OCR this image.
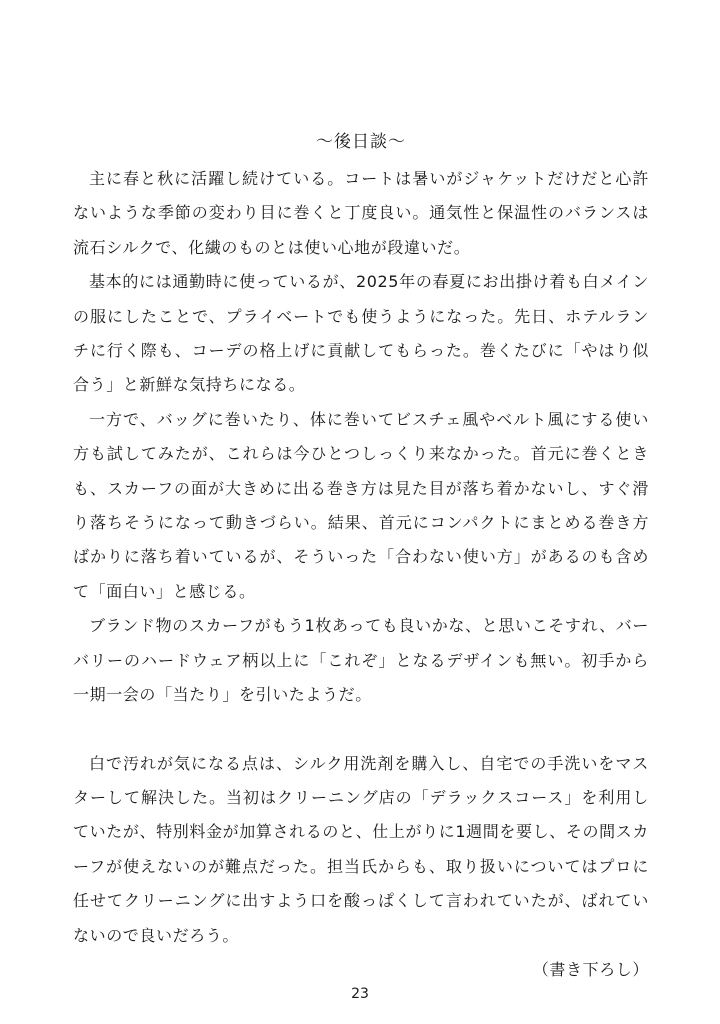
～後日談～

主に春と秋に活躍し続けている。コートは暑いがジャケットだけだと心許ないような季節の変わり目に巻くと丁度良い。通気性と保温性のバランスは流石シルクで、化繊のものとは使い心地が段違いだ。

基本的には通勤時に使っているが、2025年の春夏にお出掛け着も白メインの服にしたことで、プライベートでも使うようになった。先日、ホテルランチに行く際も、コーデの格上げに貢献してもらった。巻くたびに「やはり似合う」と新鮮な気持ちになる。

一方で、バッグに巻いたり、体に巻いてビスチェ風やベルト風にする使い方も試してみたが、これらは今ひとつしっくり来なかった。首元に巻くときも、スカーフの面が大きめに出る巻き方は見た目が落ち着かないし、すぐ滑り落ちそうになって動きづらい。結果、首元にコンパクトにまとめる巻き方ばかりに落ち着いているが、そういった「合わない使い方」があるのも含めて「面白い」と感じる。

ブランド物のスカーフがもう1枚あっても良いかな、と思いこそすれ、バーバリーのハードウェア柄以上に「これぞ」となるデザインも無い。初手から一期一会の「当たり」を引いたようだ。

白で汚れが気になる点は、シルク用洗剤を購入し、自宅での手洗いをマスターして解決した。当初はクリーニング店の「デラックスコース」を利用していたが、特別料金が加算されるのと、仕上がりに1週間を要し、その間スカーフが使えないのが難点だった。担当氏からも、取り扱いについてはプロに任せてクリーニングに出すよう口を酸っぱくして言われていたが、ばれていないので良いだろう。

（書き下ろし）

23
